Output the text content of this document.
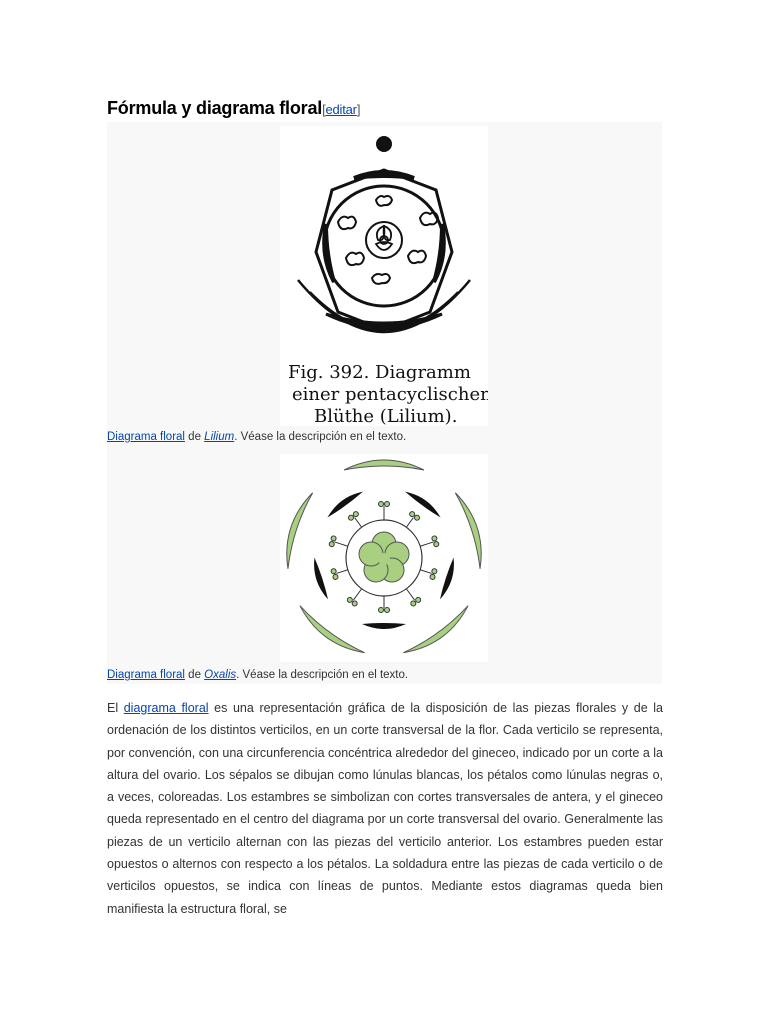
Fórmula y diagrama floral[editar]
Fig. 392. Diagramm
einer pentacyclischen
Blüthe (Lilium).
Diagrama floral de Lilium. Véase la descripción en el texto.
Diagrama floral de Oxalis. Véase la descripción en el texto.

El diagrama floral es una representación gráfica de la disposición de las piezas florales y de la ordenación de los distintos verticilos, en un corte transversal de la flor. Cada verticilo se representa, por convención, con una circunferencia concéntrica alrededor del gineceo, indicado por un corte a la altura del ovario. Los sépalos se dibujan como lúnulas blancas, los pétalos como lúnulas negras o, a veces, coloreadas. Los estambres se simbolizan con cortes transversales de antera, y el gineceo queda representado en el centro del diagrama por un corte transversal del ovario. Generalmente las piezas de un verticilo alternan con las piezas del verticilo anterior. Los estambres pueden estar opuestos o alternos con respecto a los pétalos. La soldadura entre las piezas de cada verticilo o de verticilos opuestos, se indica con líneas de puntos. Mediante estos diagramas queda bien manifiesta la estructura floral, se
